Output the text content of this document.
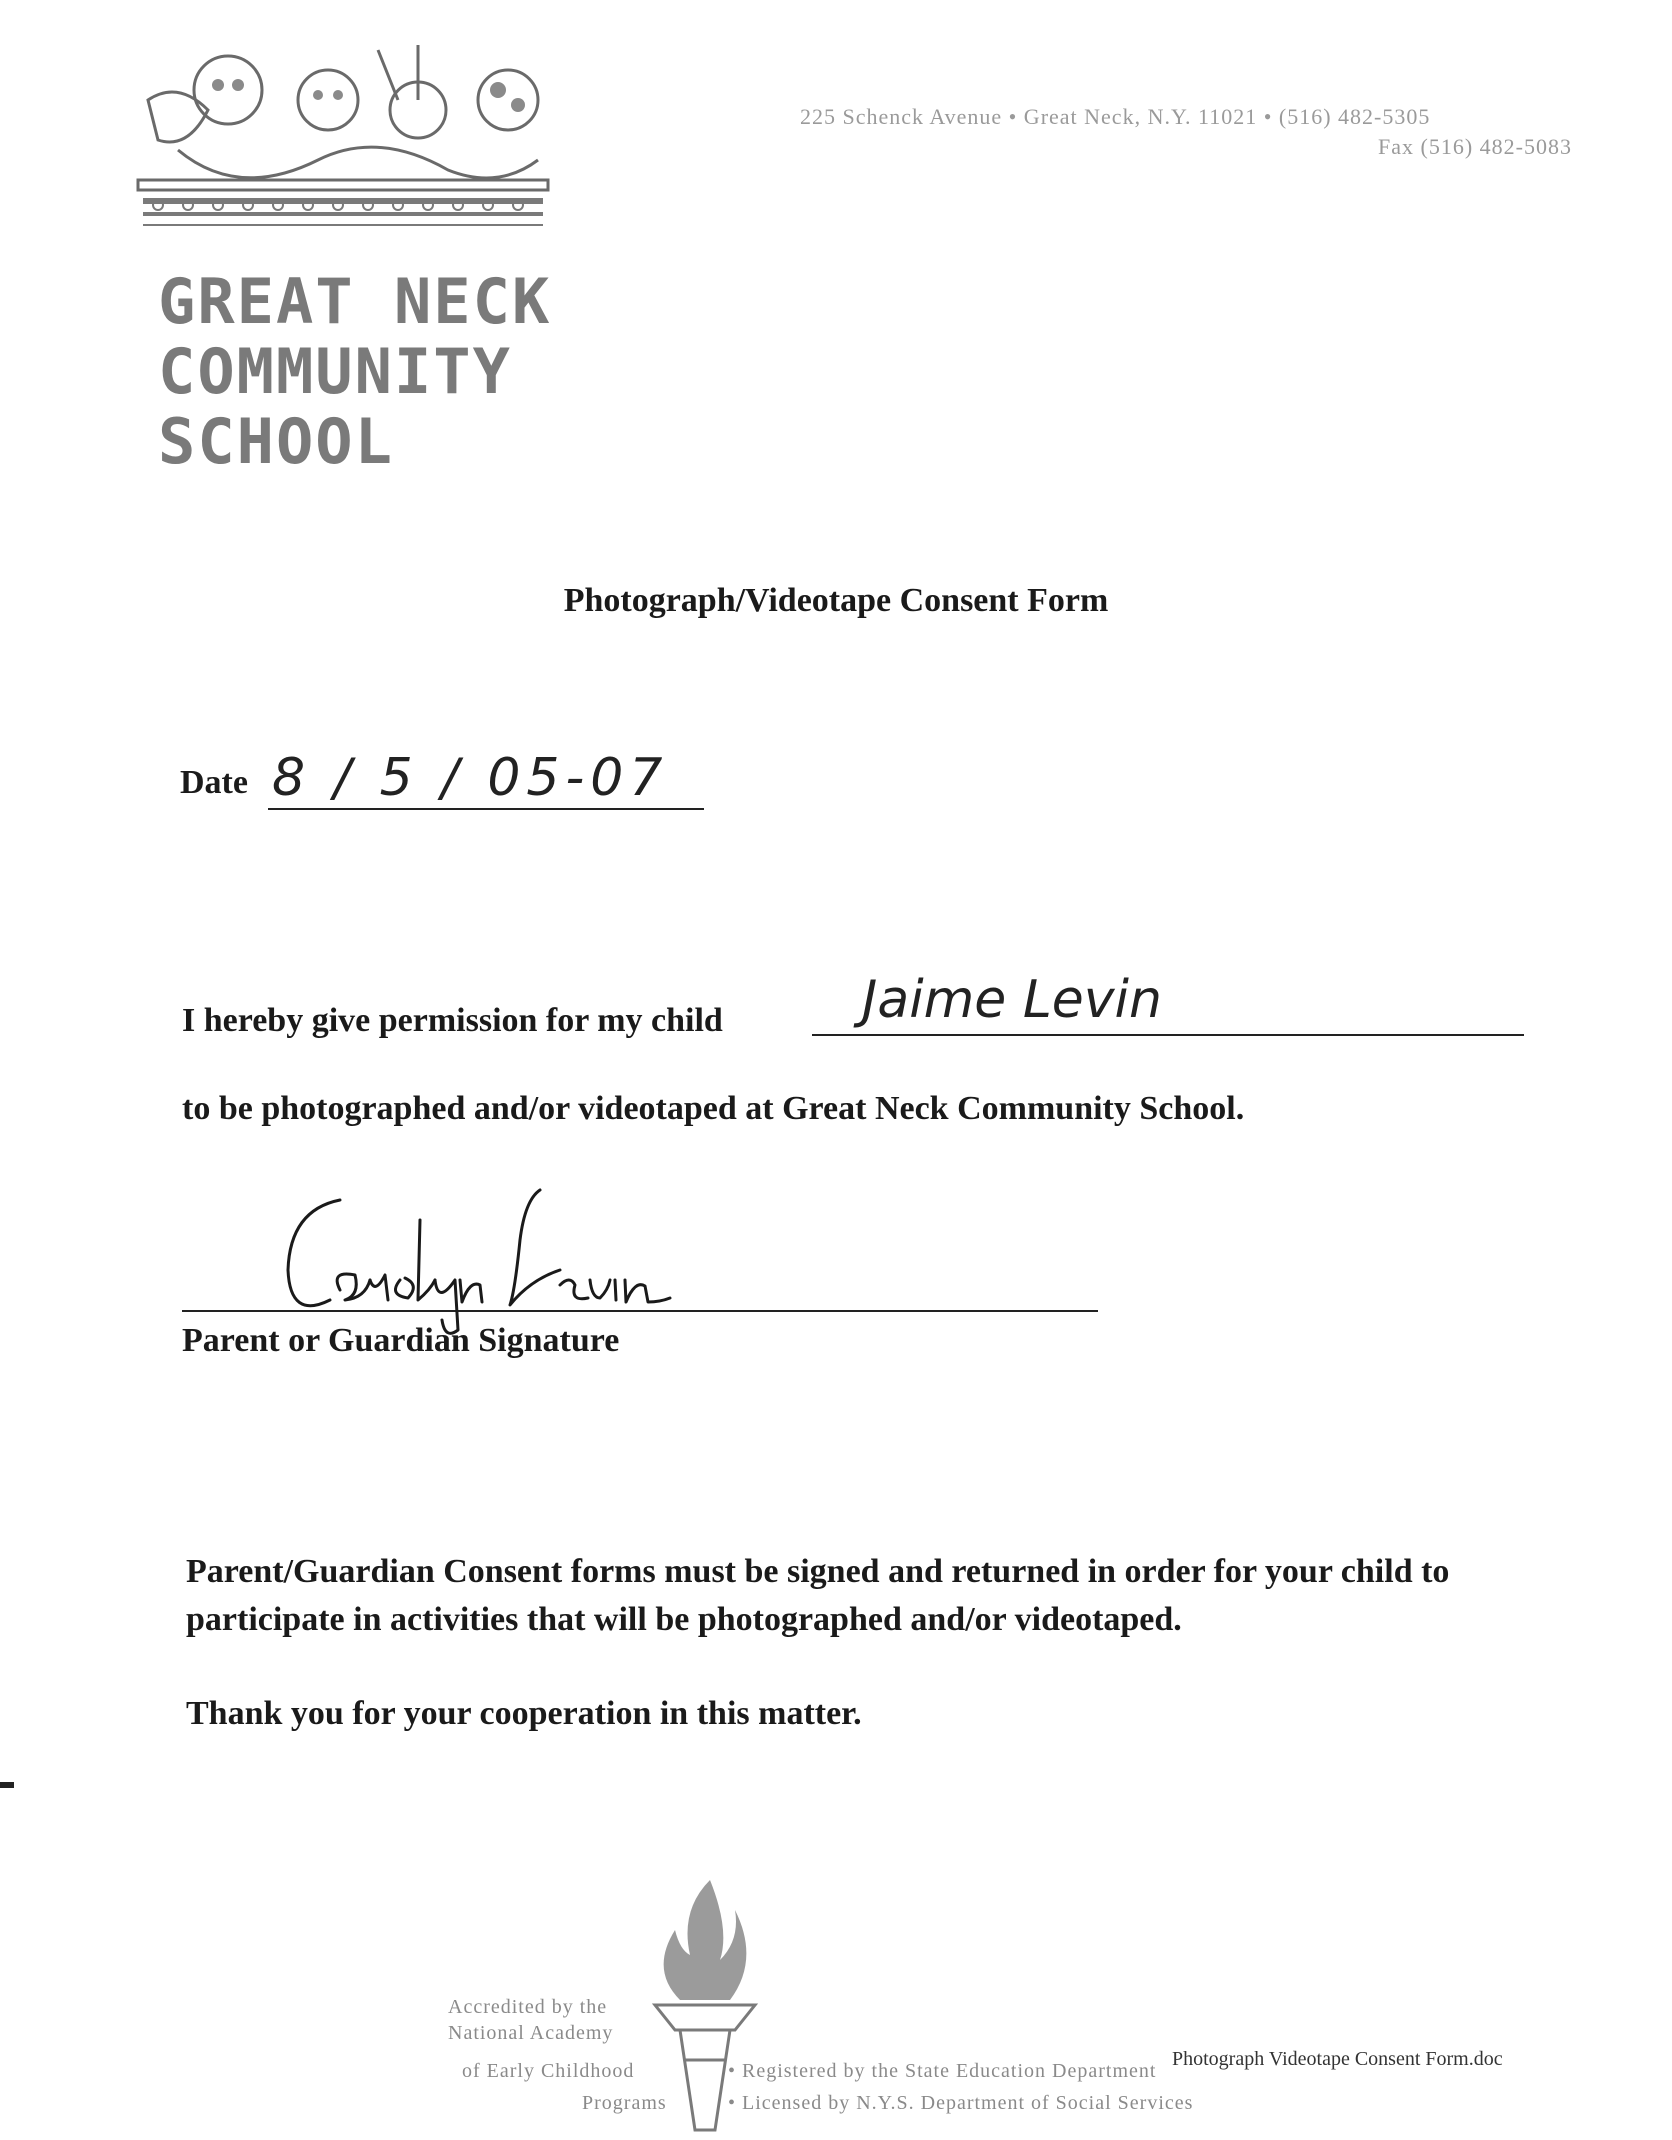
GREAT NECK
COMMUNITY
SCHOOL
225 Schenck Avenue • Great Neck, N.Y. 11021 • (516) 482-5305
Fax (516) 482-5083
Photograph/Videotape Consent Form
Date 8 / 5 / 05-07
I hereby give permission for my child	Jaime Levin
to be photographed and/or videotaped at Great Neck Community School.
Parent or Guardian Signature
Parent/Guardian Consent forms must be signed and returned in order for your child to participate in activities that will be photographed and/or videotaped.
Thank you for your cooperation in this matter.
Accredited by the
National Academy
of Early Childhood
Programs
• Registered by the State Education Department
• Licensed by N.Y.S. Department of Social Services
Photograph Videotape Consent Form.doc
